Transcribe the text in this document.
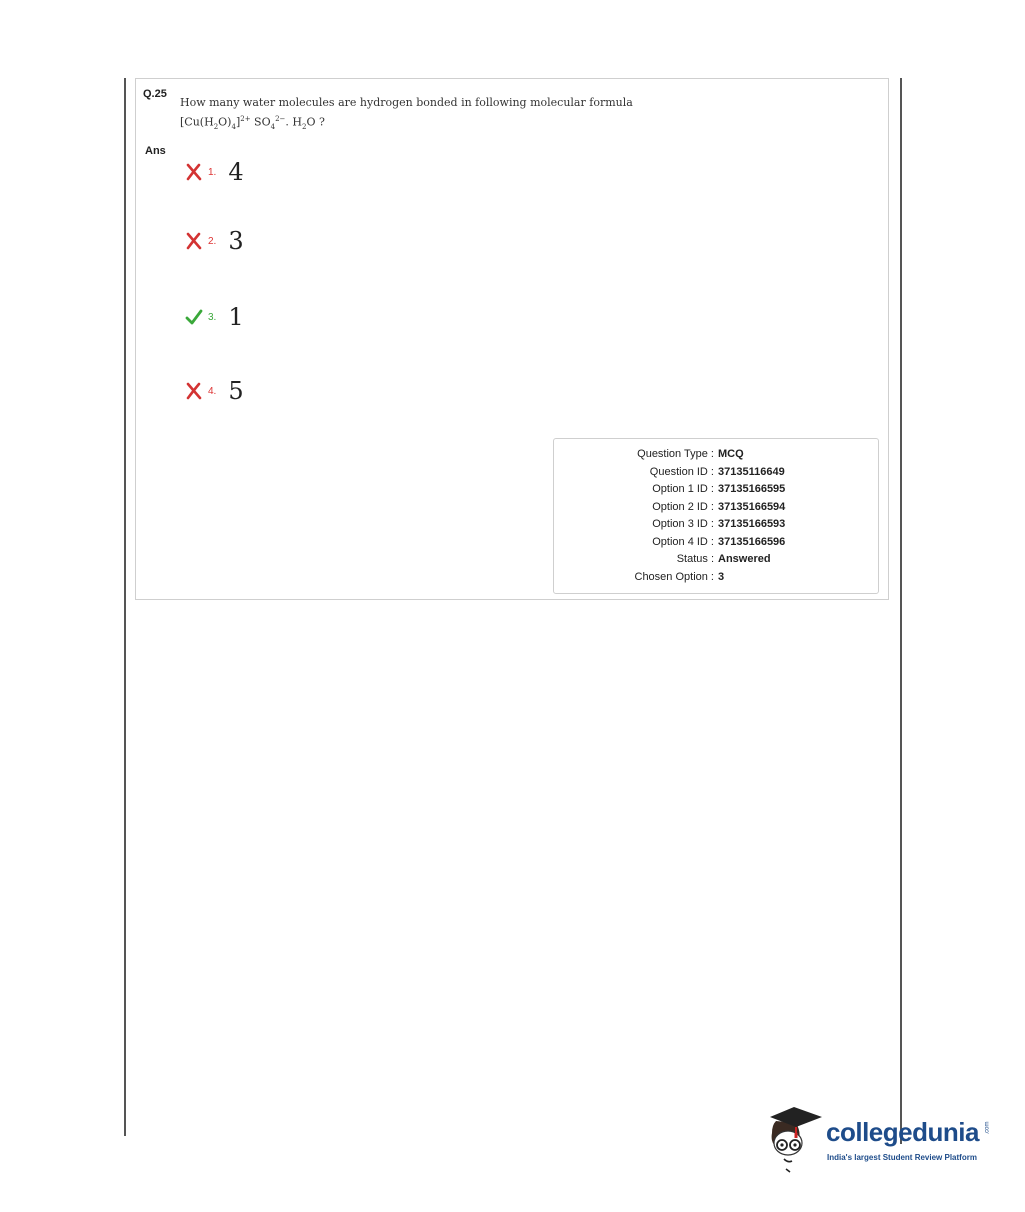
Q.25
How many water molecules are hydrogen bonded in following molecular formula
$[Cu(H_2O)_4]^{2+}$ $SO_4^{2-}$. $H_2O$ ?
Ans
1. 4
2. 3
3. 1
4. 5
Question Type : MCQ
Question ID : 37135116649
Option 1 ID : 37135166595
Option 2 ID : 37135166594
Option 3 ID : 37135166593
Option 4 ID : 37135166596
Status : Answered
Chosen Option : 3
collegedunia .com
India's largest Student Review Platform
